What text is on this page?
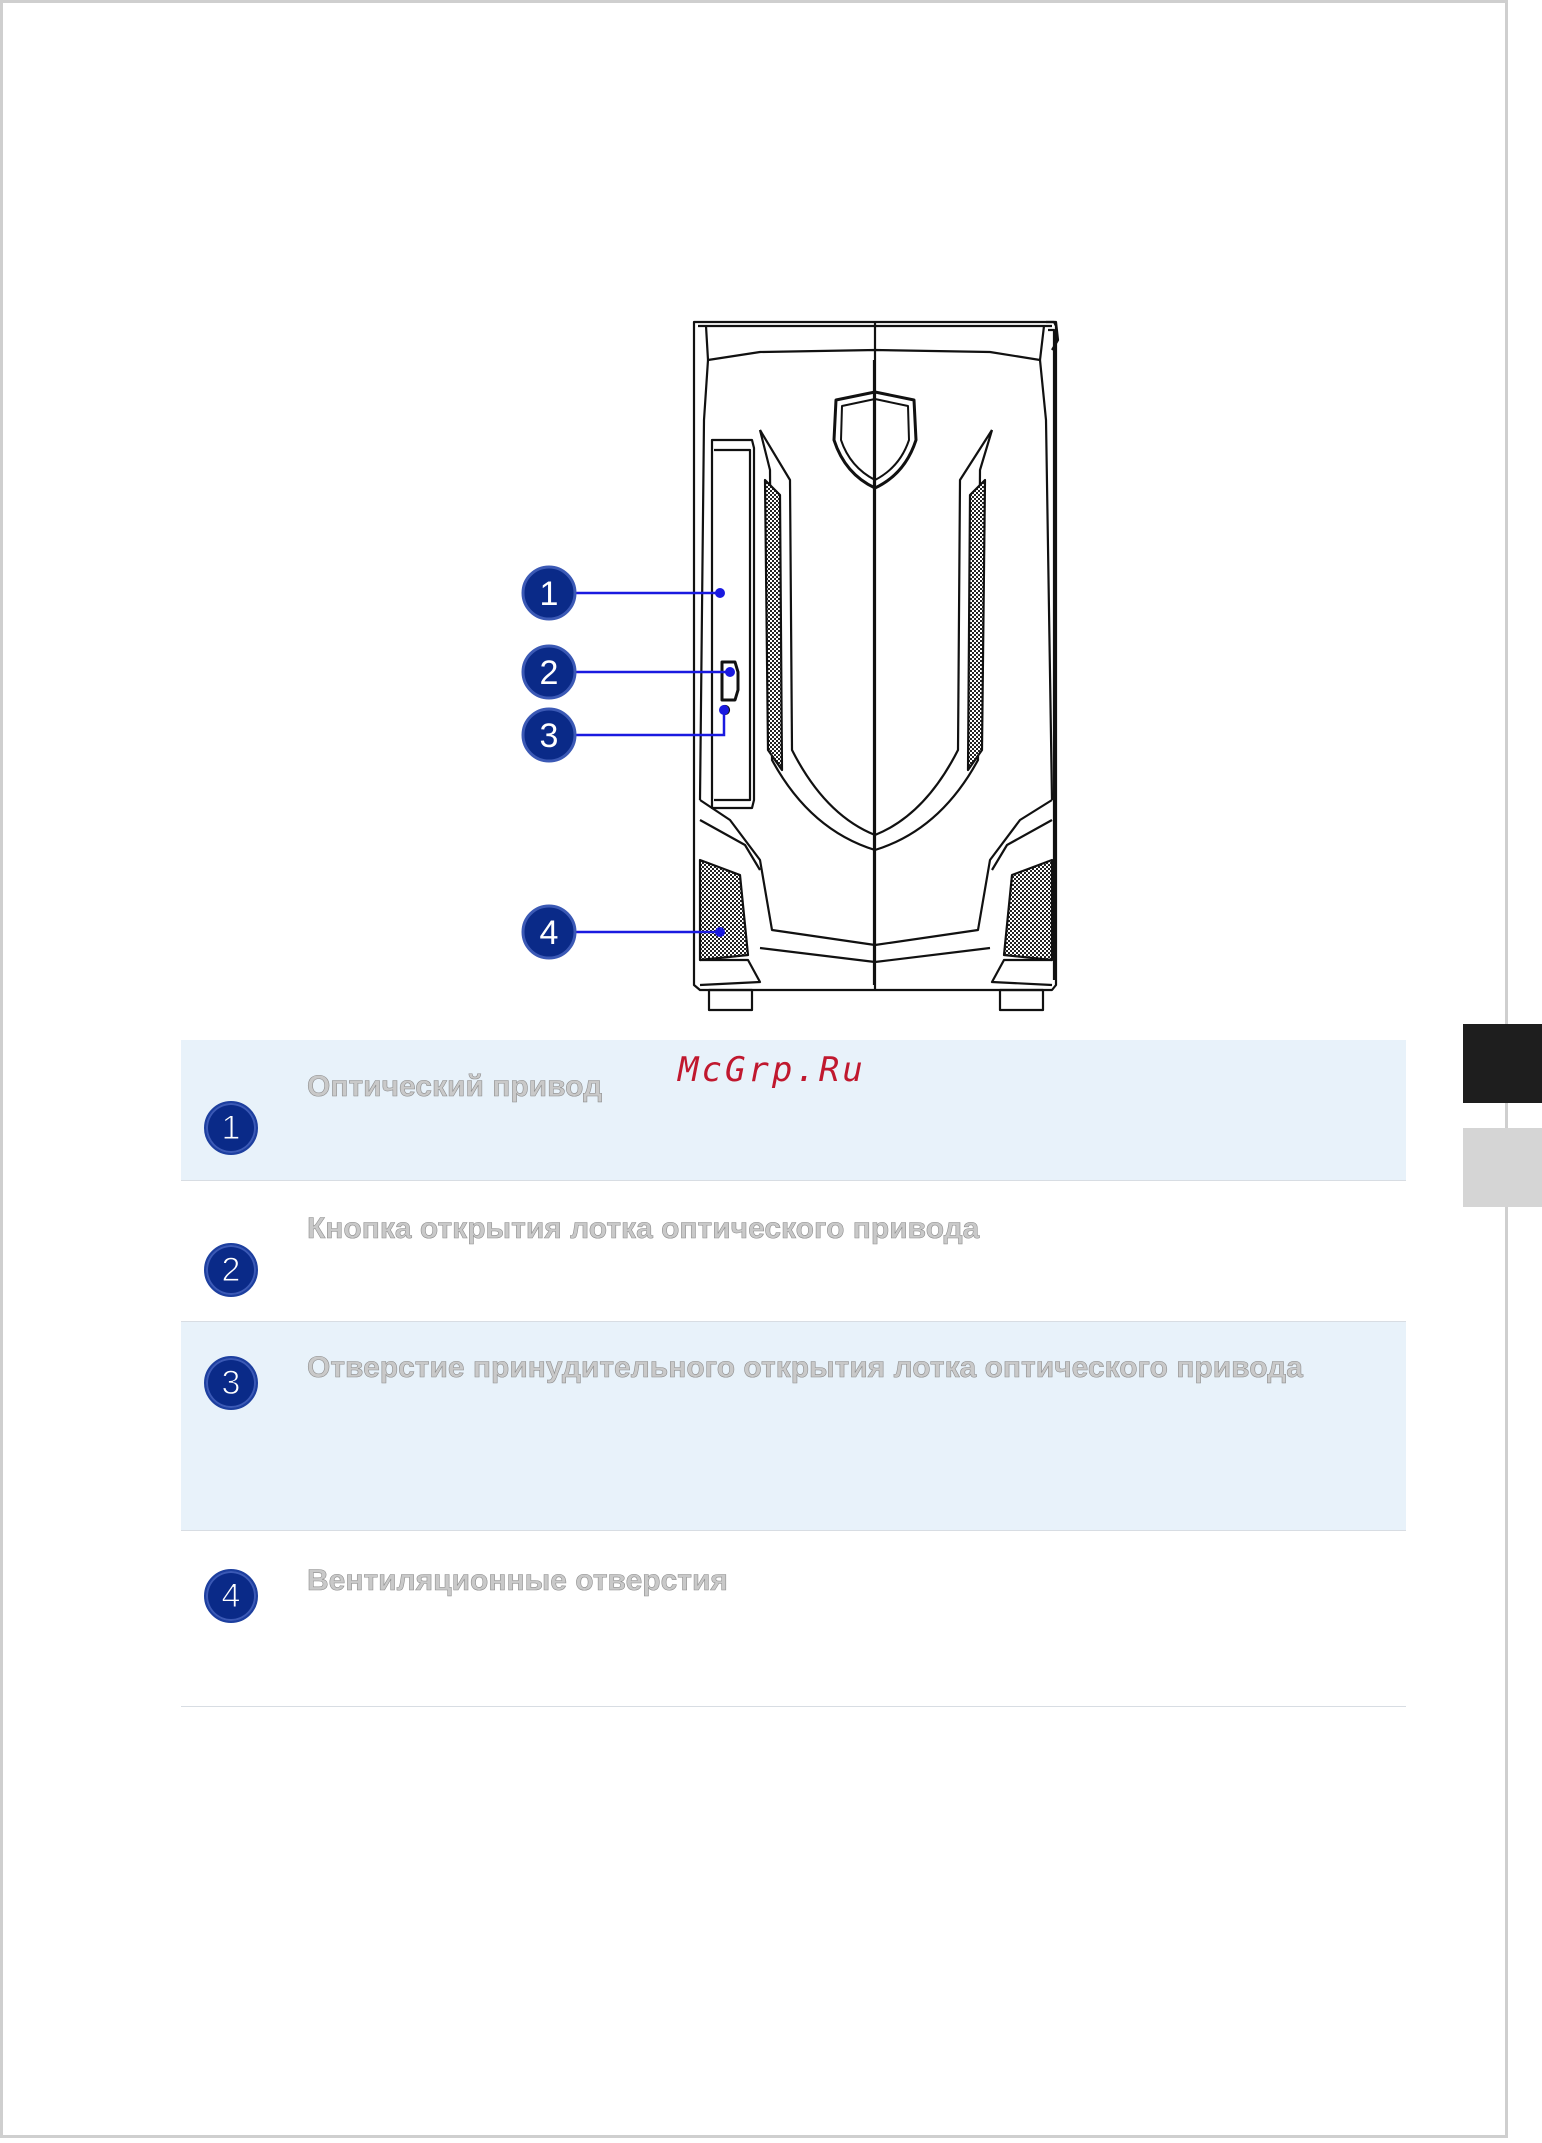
1
2
3
4
1
Оптический привод
2
Кнопка открытия лотка оптического привода
3	Отверстие принудительного открытия лотка оптического привода
4	Вентиляционные отверстия
McGrp.Ru
